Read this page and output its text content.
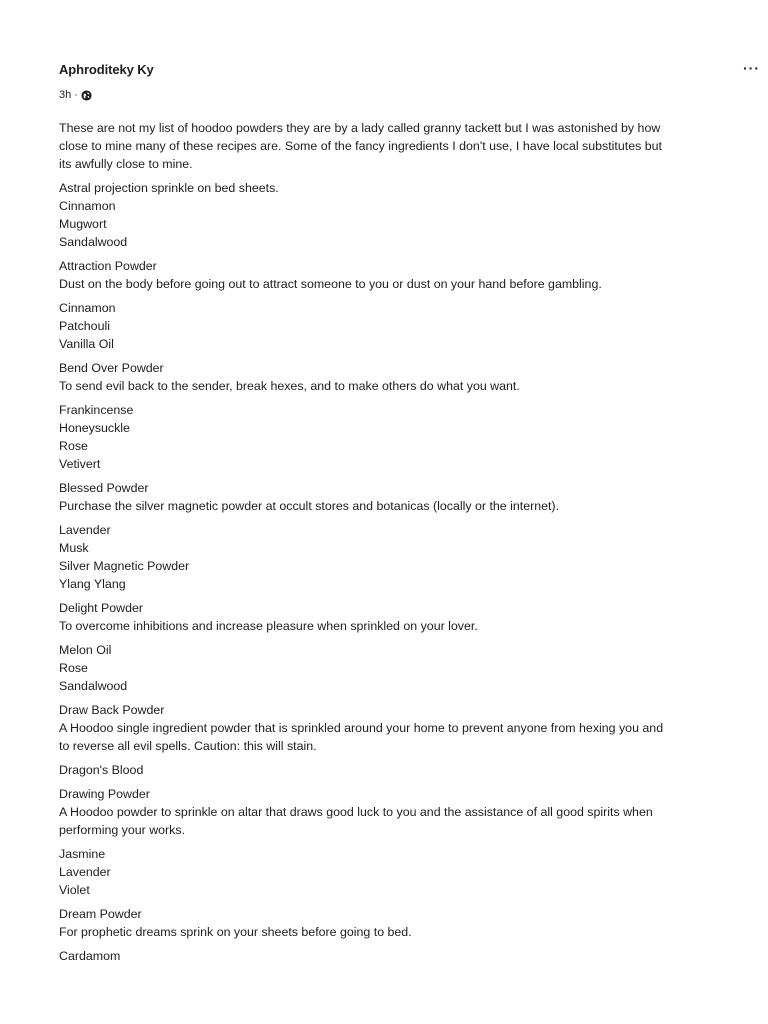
Aphroditeky Ky	···
3h ·
These are not my list of hoodoo powders they are by a lady called granny tackett but I was astonished by how
close to mine many of these recipes are. Some of the fancy ingredients I don't use, I have local substitutes but
its awfully close to mine.
Astral projection sprinkle on bed sheets.
Cinnamon
Mugwort
Sandalwood
Attraction Powder
Dust on the body before going out to attract someone to you or dust on your hand before gambling.
Cinnamon
Patchouli
Vanilla Oil
Bend Over Powder
To send evil back to the sender, break hexes, and to make others do what you want.
Frankincense
Honeysuckle
Rose
Vetivert
Blessed Powder
Purchase the silver magnetic powder at occult stores and botanicas (locally or the internet).
Lavender
Musk
Silver Magnetic Powder
Ylang Ylang
Delight Powder
To overcome inhibitions and increase pleasure when sprinkled on your lover.
Melon Oil
Rose
Sandalwood
Draw Back Powder
A Hoodoo single ingredient powder that is sprinkled around your home to prevent anyone from hexing you and
to reverse all evil spells. Caution: this will stain.
Dragon's Blood
Drawing Powder
A Hoodoo powder to sprinkle on altar that draws good luck to you and the assistance of all good spirits when
performing your works.
Jasmine
Lavender
Violet
Dream Powder
For prophetic dreams sprink on your sheets before going to bed.
Cardamom
